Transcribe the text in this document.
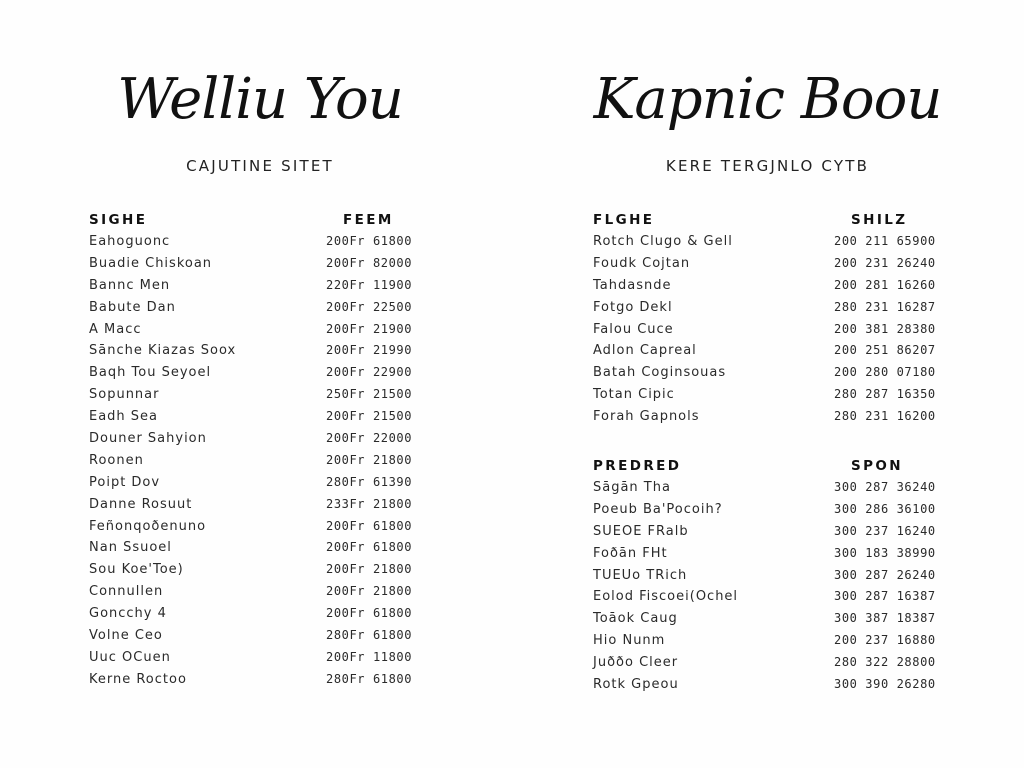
Welliu You
CAJUTINE SITET
SIGHE	FEEM
Eahoguonc	200Fr 61800
Buadie Chiskoan	200Fr 82000
Bannc Men	220Fr 11900
Babute Dan	200Fr 22500
A Macc	200Fr 21900
Sānche Kiazas Soox	200Fr 21990
Baqh Tou Seyoel	200Fr 22900
Sopunnar	250Fr 21500
Eadh Sea	200Fr 21500
Douner Sahyion	200Fr 22000
Roonen	200Fr 21800
Poipt Dov	280Fr 61390
Danne Rosuut	233Fr 21800
Feñonqoðenuno	200Fr 61800
Nan Ssuoel	200Fr 61800
Sou Koe'Toe)	200Fr 21800
Connullen	200Fr 21800
Goncchy 4	200Fr 61800
Volne Ceo	280Fr 61800
Uuc OCuen	200Fr 11800
Kerne Roctoo	280Fr 61800
Kapnic Boou
KERE TERGJNLO CYTB
FLGHE	SHILZ
Rotch Clugo & Gell	200 211 65900
Foudk Cojtan	200 231 26240
Tahdasnde	200 281 16260
Fotgo Dekl	280 231 16287
Falou Cuce	200 381 28380
Adlon Capreal	200 251 86207
Batah Coginsouas	200 280 07180
Totan Cipic	280 287 16350
Forah Gapnols	280 231 16200
PREDRED	SPON
Sāgān Tha	300 287 36240
Poeub Ba'Pocoih?	300 286 36100
SUEOE FRalb	300 237 16240
Foðān FHt	300 183 38990
TUEUo TRich	300 287 26240
Eolod Fiscoei(Ochel	300 287 16387
Toāok Caug	300 387 18387
Hio Nunm	200 237 16880
Juððo Cleer	280 322 28800
Rotk Gpeou	300 390 26280
